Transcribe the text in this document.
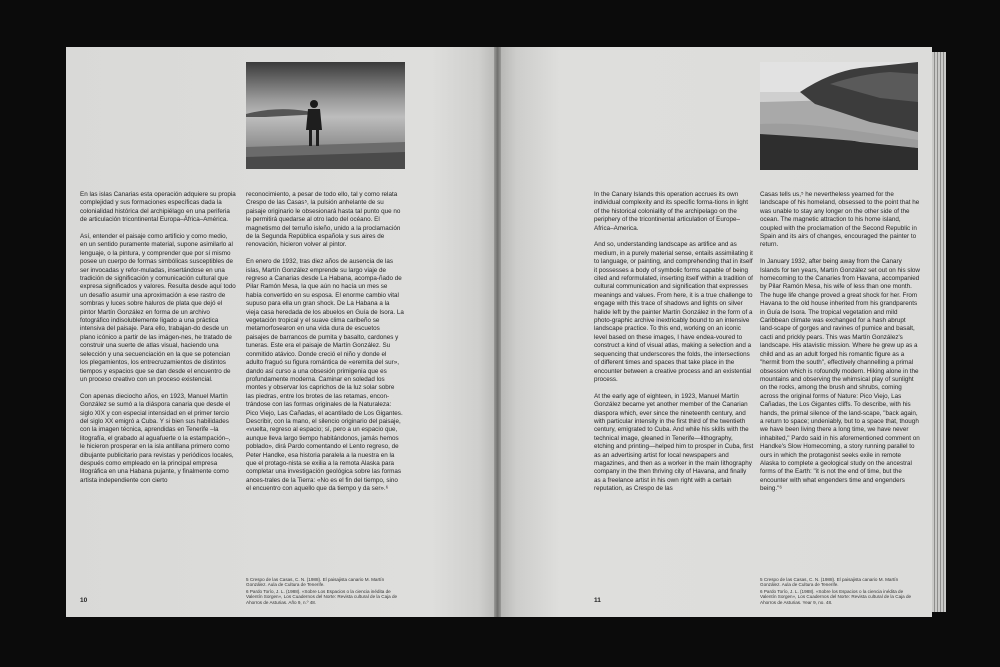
En las islas Canarias esta operación adquiere su propia complejidad y sus formaciones específicas dada la colonialidad histórica del archipiélago en una periferia de articulación tricontinental Europa–África–América.

Así, entender el paisaje como artificio y como medio, en un sentido puramente material, supone asimilarlo al lenguaje, o la pintura, y comprender que por sí mismo posee un cuerpo de formas simbólicas susceptibles de ser invocadas y refor-muladas, insertándose en una tradición de significación y comunicación cultural que expresa significados y valores. Resulta desde aquí todo un desafío asumir una aproximación a ese rastro de sombras y luces sobre haluros de plata que dejó el pintor Martín González en forma de un archivo fotográfico indisolublemente ligado a una práctica intensiva del paisaje. Para ello, trabajan-do desde un plano icónico a partir de las imágen-nes, he tratado de construir una suerte de atlas visual, haciendo una selección y una secuenciación en la que se potencian los plegamientos, los entrecruzamientos de distintos tiempos y espacios que se dan desde el encuentro de un proceso creativo con un proceso existencial.

Con apenas dieciocho años, en 1923, Manuel Martín González se sumó a la diáspora canaria que desde el siglo XIX y con especial intensidad en el primer tercio del siglo XX emigró a Cuba. Y si bien sus habilidades con la imagen técnica, aprendidas en Tenerife –la litografía, el grabado al aguafuerte o la estampación–, le hicieron prosperar en la isla antillana primero como dibujante publicitario para revistas y periódicos locales, después como empleado en la principal empresa litográfica en una Habana pujante, y finalmente como artista independiente con cierto

reconocimiento, a pesar de todo ello, tal y como relata Crespo de las Casas⁵, la pulsión anhelante de su paisaje originario le obsesionará hasta tal punto que no le permitirá quedarse al otro lado del océano. El magnetismo del terruño isleño, unido a la proclamación de la Segunda República española y sus aires de renovación, hicieron volver al pintor.

En enero de 1932, tras diez años de ausencia de las islas, Martín González emprende su largo viaje de regreso a Canarias desde La Habana, acompa-ñado de Pilar Ramón Mesa, la que aún no hacía un mes se había convertido en su esposa. El enorme cambio vital supuso para ella un gran shock. De La Habana a la vieja casa heredada de los abuelos en Guía de Isora. La vegetación tropical y el suave clima caribeño se metamorfosearon en una vida dura de escuetos paisajes de barrancos de pumita y basalto, cardones y tuneras. Este era el paisaje de Martín González. Su conmitido atávico. Donde creció el niño y donde el adulto fraguó su figura romántica de «eremita del sur», dando así curso a una obsesión primigenia que es profundamente moderna. Caminar en soledad los montes y observar los caprichos de la luz solar sobre las piedras, entre los brotes de las retamas, encon-trándose con las formas originales de la Naturaleza: Pico Viejo, Las Cañadas, el acantilado de Los Gigantes. Describir, con la mano, el silencio originario del paisaje, «vuelta, regreso al espacio; sí, pero a un espacio que, aunque lleva largo tiempo habitándonos, jamás hemos poblado», dirá Pardo comentando el Lento regreso, de Peter Handke, esa historia paralela a la nuestra en la que el protago-nista se exilia a la remota Alaska para completar una investigación geológica sobre las formas ances-trales de la Tierra: «No es el fin del tiempo, sino el encuentro con aquello que da tiempo y da ser».⁶

5 Crespo de las Casas, C. N. (1988). El paisajista canario M. Martín González. Aula de Cultura de Tenerife.
6 Pardo Torío, J. L. (1988). «Sobre Los Espacios o la ciencia inédita de Valentín Sorgen», Los Cuadernos del Norte: Revista cultural de la Caja de Ahorros de Asturias. Año 9, n.º 48.
10

In the Canary Islands this operation accrues its own individual complexity and its specific forma-tions in light of the historical coloniality of the archipelago on the periphery of the tricontinental articulation of Europe–Africa–America.

And so, understanding landscape as artifice and as medium, in a purely material sense, entails assimilating it to language, or painting, and comprehending that in itself it possesses a body of symbolic forms capable of being cited and reformulated, inserting itself within a tradition of cultural communication and signification that expresses meanings and values. From here, it is a true challenge to engage with this trace of shadows and lights on silver halide left by the painter Martín González in the form of a photo-graphic archive inextricably bound to an intensive landscape practice. To this end, working on an iconic level based on these images, I have endea-voured to construct a kind of visual atlas, making a selection and a sequencing that underscores the folds, the intersections of different times and spaces that take place in the encounter between a creative process and an existential process.

At the early age of eighteen, in 1923, Manuel Martín González became yet another member of the Canarian diaspora which, ever since the nineteenth century, and with particular intensity in the first third of the twentieth century, emigrated to Cuba. And while his skills with the technical image, gleaned in Tenerife—lithography, etching and printing—helped him to prosper in Cuba, first as an advertising artist for local newspapers and magazines, and then as a worker in the main lithography company in the then thriving city of Havana, and finally as a freelance artist in his own right with a certain reputation, as Crespo de las

Casas tells us,⁵ he nevertheless yearned for the landscape of his homeland, obsessed to the point that he was unable to stay any longer on the other side of the ocean. The magnetic attraction to his home island, coupled with the proclamation of the Second Republic in Spain and its airs of changes, encouraged the painter to return.

In January 1932, after being away from the Canary Islands for ten years, Martín González set out on his slow homecoming to the Canaries from Havana, accompanied by Pilar Ramón Mesa, his wife of less than one month. The huge life change proved a great shock for her. From Havana to the old house inherited from his grandparents in Guía de Isora. The tropical vegetation and mild Caribbean climate was exchanged for a hash abrupt land-scape of gorges and ravines of pumice and basalt, cacti and prickly pears. This was Martín González's landscape. His atavistic mission. Where he grew up as a child and as an adult forged his romantic figure as a "hermit from the south", effectively channelling a primal obsession which is rofoundly modern. Hiking alone in the mountains and observing the whimsical play of sunlight on the rocks, among the brush and shrubs, coming across the original forms of Nature: Pico Viejo, Las Cañadas, the Los Gigantes cliffs. To describe, with his hands, the primal silence of the land-scape, "back again, a return to space; undeniably, but to a space that, though we have been living there a long time, we have never inhabited," Pardo said in his aforementioned comment on Handke's Slow Homecoming, a story running parallel to ours in which the protagonist seeks exile in remote Alaska to complete a geological study on the ancestral forms of the Earth: "it is not the end of time, but the encounter with what engenders time and engenders being."⁶

5 Crespo de las Casas, C. N. (1988). El paisajista canario M. Martín González. Aula de Cultura de Tenerife.
6 Pardo Torío, J. L. (1988). «Sobre los Espacios o la ciencia inédita de Valentín Sorgen», Los Cuadernos del Norte: Revista cultural de la Caja de Ahorros de Asturias. Year 9, no. 48.
11
